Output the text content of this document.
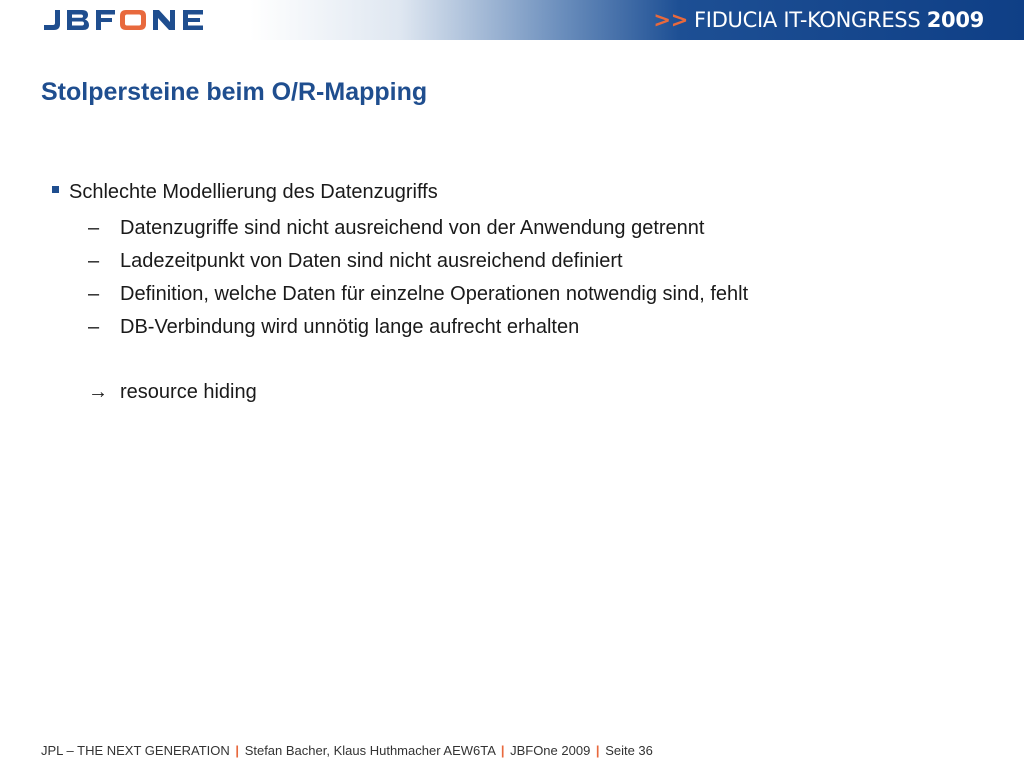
>> FIDUCIA IT-KONGRESS 2009
Stolpersteine beim O/R-Mapping
Schlechte Modellierung des Datenzugriffs
– Datenzugriffe sind nicht ausreichend von der Anwendung getrennt
– Ladezeitpunkt von Daten sind nicht ausreichend definiert
– Definition, welche Daten für einzelne Operationen notwendig sind, fehlt
– DB-Verbindung wird unnötig lange aufrecht erhalten
→ resource hiding
JPL – THE NEXT GENERATION | Stefan Bacher, Klaus Huthmacher AEW6TA | JBFOne 2009 | Seite 36
